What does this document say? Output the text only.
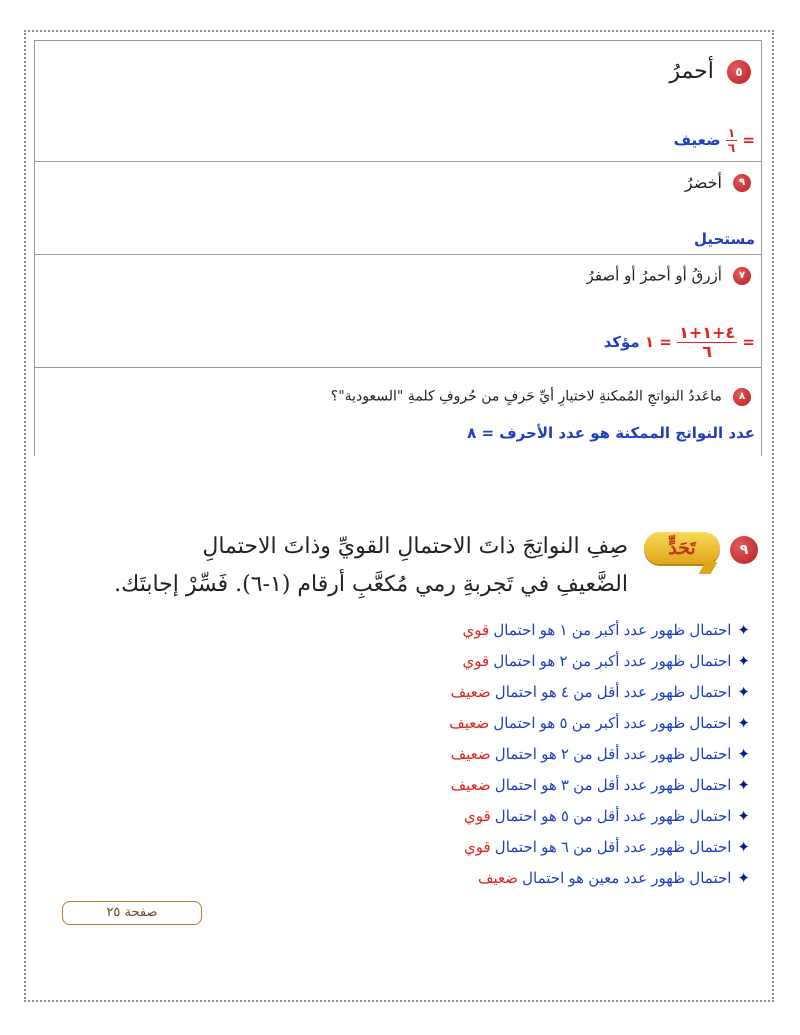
٥ أحمرُ
=
$\frac{١}{٦}$
ضعيف
٩ أخضرُ
مستحيل
٧ أزرقُ أو أحمرُ أو أصفرُ
=
$\frac{٤+١+١}{٦}$
= ١ مؤكد
٨ ماعَددُ النواتجِ المُمكنةِ لاختيارِ أيِّ حَرفٍ من حُروفِ كلمةِ "السعودية"؟
عدد النواتج الممكنة هو عدد الأحرف = ٨
٩
تَحَدٍّ
صِفِ النواتِجَ ذاتَ الاحتمالِ القويِّ وذاتَ الاحتمالِ
الضَّعيفِ في تَجربةِ رمي مُكعَّبِ أرقام (١-٦). فَسِّرْ إجابتَك.
✦احتمال ظهور عدد أكبر من ١ هو احتمال قوي
✦احتمال ظهور عدد أكبر من ٢ هو احتمال قوي
✦احتمال ظهور عدد أقل من ٤ هو احتمال ضعيف
✦احتمال ظهور عدد أكبر من ٥ هو احتمال ضعيف
✦احتمال ظهور عدد أقل من ٢ هو احتمال ضعيف
✦احتمال ظهور عدد أقل من ٣ هو احتمال ضعيف
✦احتمال ظهور عدد أقل من ٥ هو احتمال قوي
✦احتمال ظهور عدد أقل من ٦ هو احتمال قوي
✦احتمال ظهور عدد معين هو احتمال ضعيف
صفحة ٢٥
